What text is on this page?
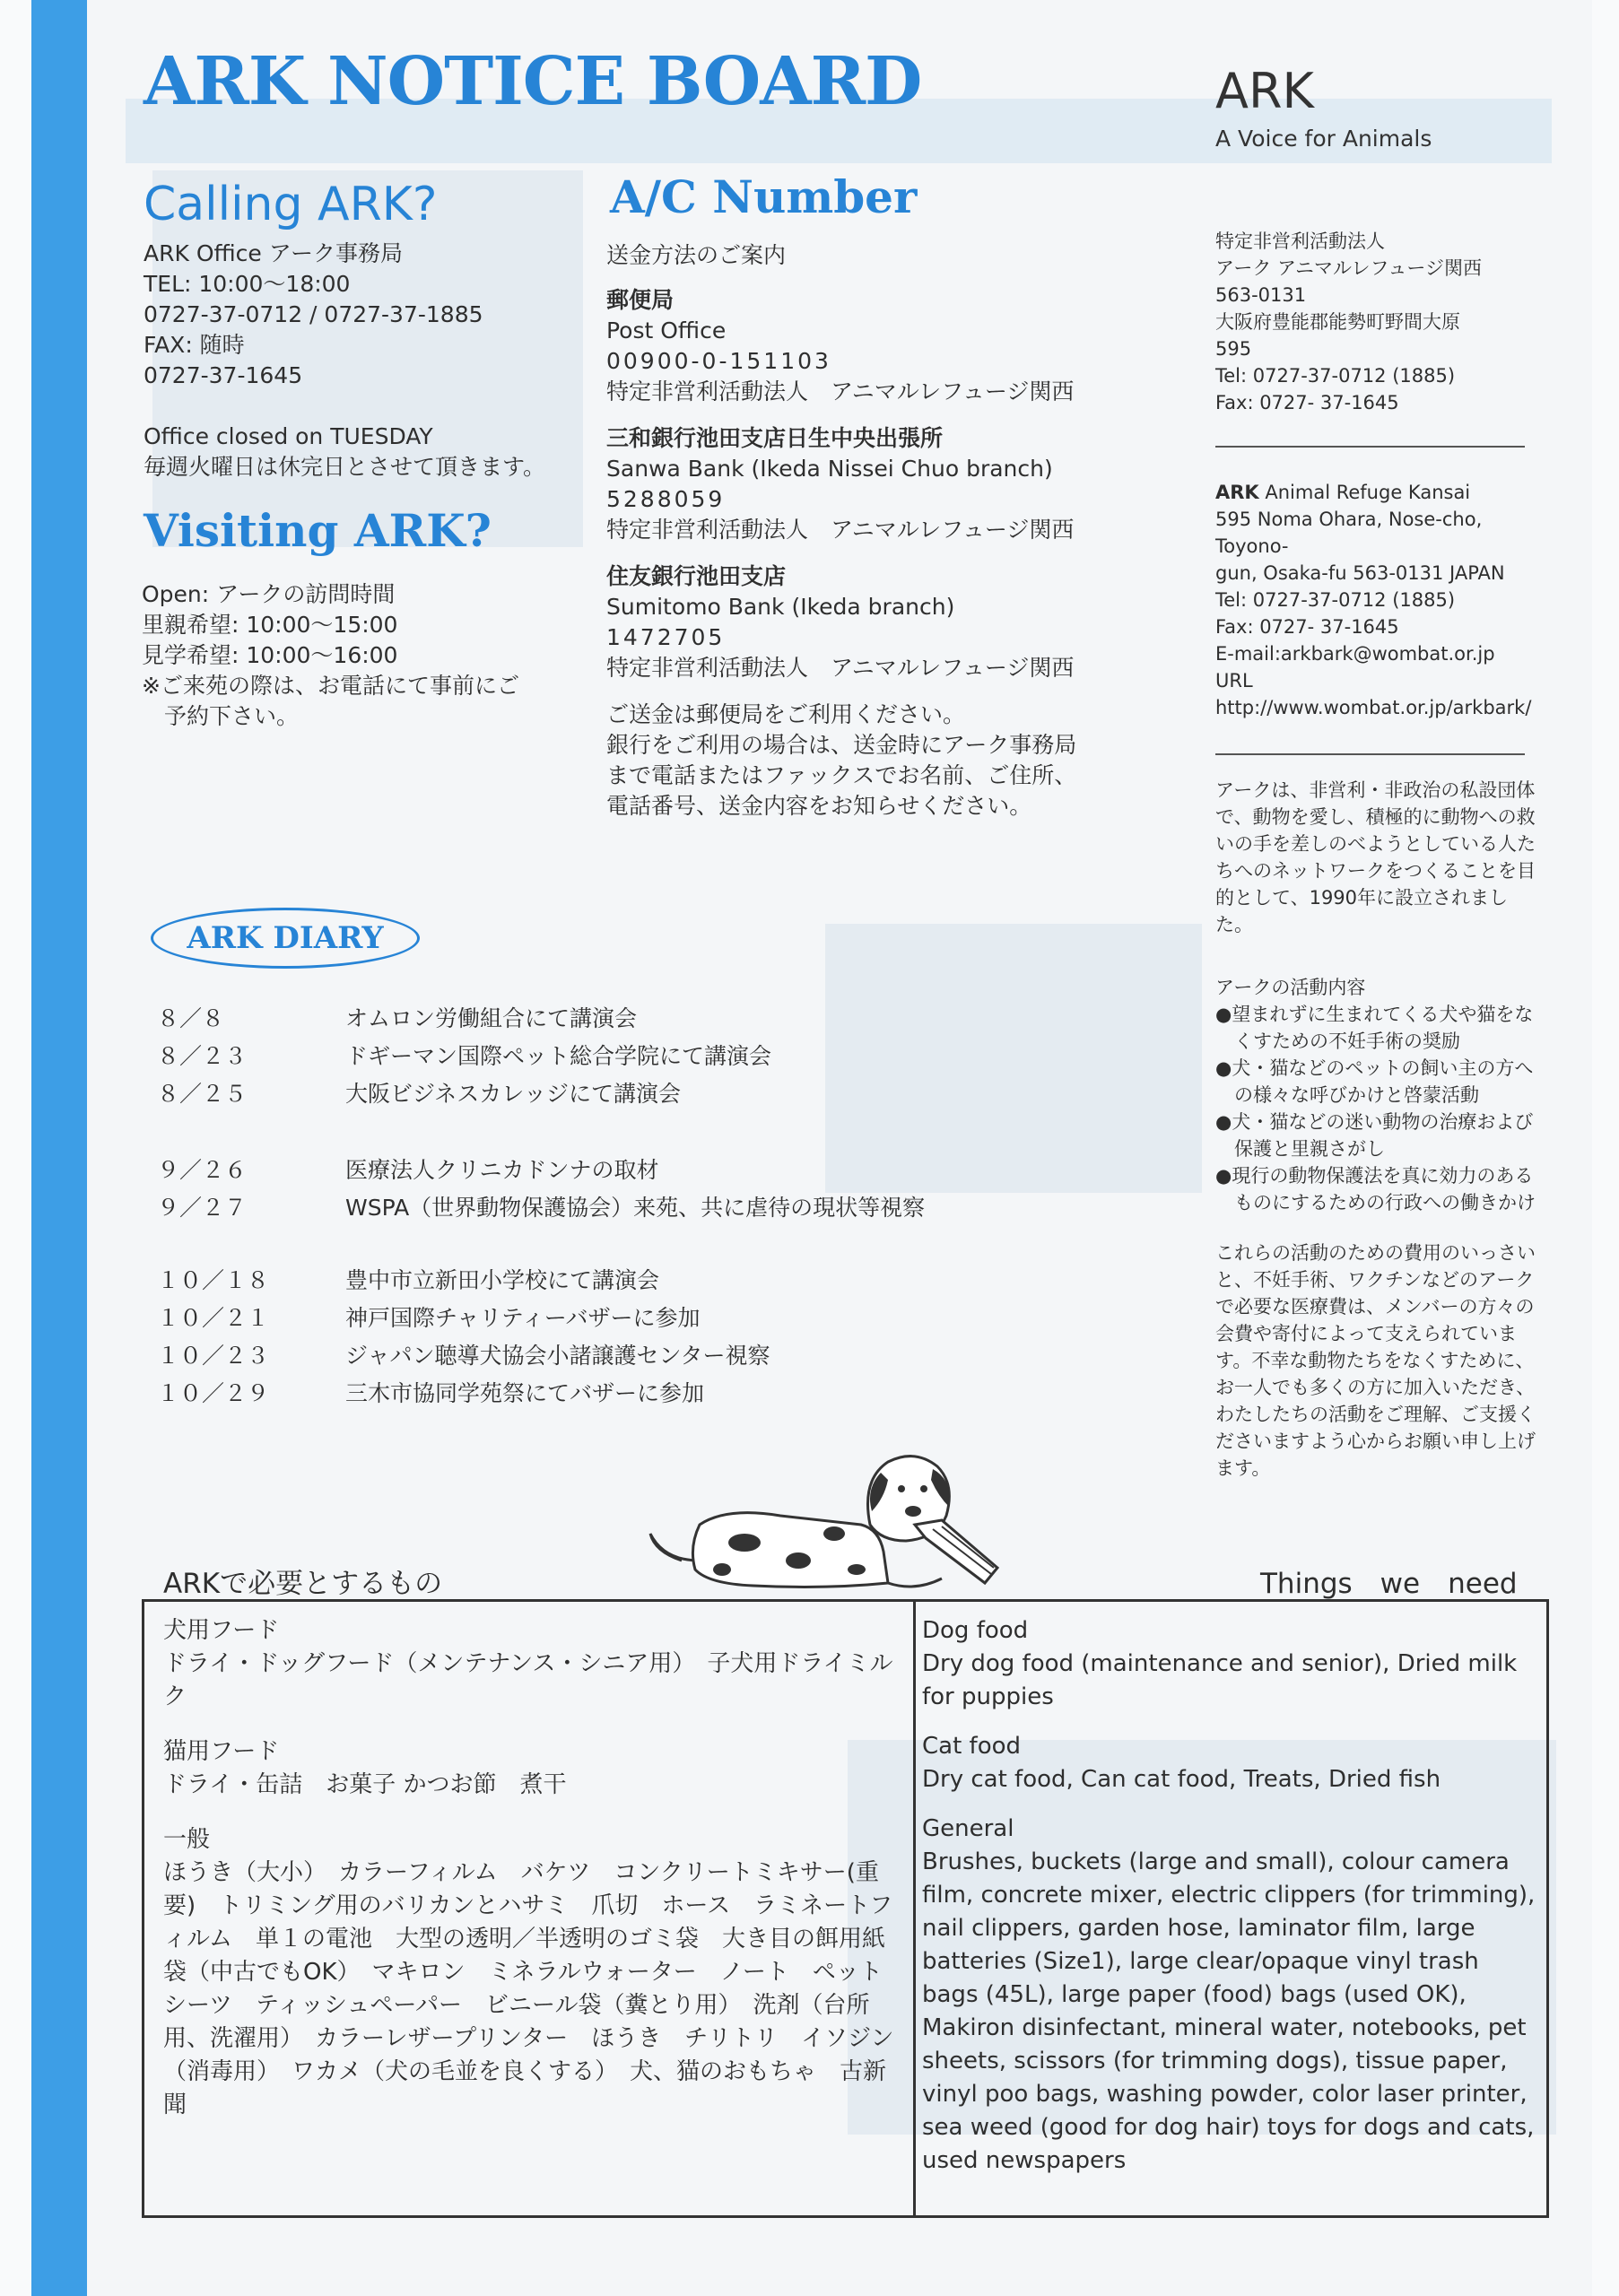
ARK NOTICE BOARD	ARK
A Voice for Animals
Calling ARK?
ARK Office アーク事務局
TEL: 10:00〜18:00
0727-37-0712 / 0727-37-1885
FAX: 随時
0727-37-1645
Office closed on TUESDAY
毎週火曜日は休完日とさせて頂きます。
Visiting ARK?
Open: アークの訪問時間
里親希望: 10:00〜15:00
見学希望: 10:00〜16:00
※ご来苑の際は、お電話にて事前にご
　予約下さい。
A/C Number
送金方法のご案内
郵便局
Post Office
00900-0-151103
特定非営利活動法人　アニマルレフュージ関西
三和銀行池田支店日生中央出張所
Sanwa Bank (Ikeda Nissei Chuo branch)
5288059
特定非営利活動法人　アニマルレフュージ関西
住友銀行池田支店
Sumitomo Bank (Ikeda branch)
1472705
特定非営利活動法人　アニマルレフュージ関西
ご送金は郵便局をご利用ください。
銀行をご利用の場合は、送金時にアーク事務局
まで電話またはファックスでお名前、ご住所、
電話番号、送金内容をお知らせください。
特定非営利活動法人
アーク アニマルレフュージ関西
563-0131
大阪府豊能郡能勢町野間大原
595
Tel: 0727-37-0712 (1885)
Fax: 0727- 37-1645
ARK Animal Refuge Kansai
595 Noma Ohara, Nose-cho, Toyono-
gun, Osaka-fu 563-0131 JAPAN
Tel: 0727-37-0712 (1885)
Fax: 0727- 37-1645
E-mail:arkbark@wombat.or.jp
URL
http://www.wombat.or.jp/arkbark/
アークは、非営利・非政治の私設団体
で、動物を愛し、積極的に動物への救
いの手を差しのべようとしている人た
ちへのネットワークをつくることを目
的として、1990年に設立されました。
アークの活動内容
●望まれずに生まれてくる犬や猫をな
　くすための不妊手術の奨励
●犬・猫などのペットの飼い主の方へ
　の様々な呼びかけと啓蒙活動
●犬・猫などの迷い動物の治療および
　保護と里親さがし
●現行の動物保護法を真に効力のある
　ものにするための行政への働きかけ
これらの活動のための費用のいっさい
と、不妊手術、ワクチンなどのアーク
で必要な医療費は、メンバーの方々の
会費や寄付によって支えられていま
す。不幸な動物たちをなくすために、
お一人でも多くの方に加入いただき、
わたしたちの活動をご理解、ご支援く
ださいますよう心からお願い申し上げ
ます。
ARK DIARY
８／８	オムロン労働組合にて講演会
８／２３	ドギーマン国際ペット総合学院にて講演会
８／２５	大阪ビジネスカレッジにて講演会
９／２６	医療法人クリニカドンナの取材
９／２７	WSPA（世界動物保護協会）来苑、共に虐待の現状等視察
１０／１８	豊中市立新田小学校にて講演会
１０／２１	神戸国際チャリティーバザーに参加
１０／２３	ジャパン聴導犬協会小諸譲護センター視察
１０／２９	三木市協同学苑祭にてバザーに参加
ARKで必要とするもの	Things　we　need

犬用フード

ドライ・ドッグフード（メンテナンス・シニア用）　子犬用ドライミルク

猫用フード

ドライ・缶詰　お菓子 かつお節　煮干

一般

ほうき（大小）　カラーフィルム　バケツ　コンクリートミキサー(重要)　トリミング用のバリカンとハサミ　爪切　ホース　ラミネートフィルム　単１の電池　大型の透明／半透明のゴミ袋　大き目の餌用紙袋（中古でもOK）　マキロン　ミネラルウォーター　ノート　ペットシーツ　ティッシュペーパー　ビニール袋（糞とり用）　洗剤（台所用、洗濯用）　カラーレザープリンター　ほうき　チリトリ　イソジン（消毒用）　ワカメ（犬の毛並を良くする）　犬、猫のおもちゃ　古新聞

Dog food

Dry dog food (maintenance and senior), Dried milk for puppies

Cat food

Dry cat food, Can cat food, Treats, Dried fish

General

Brushes, buckets (large and small), colour camera film, concrete mixer, electric clippers (for trimming), nail clippers, garden hose, laminator film, large batteries (Size1), large clear/opaque vinyl trash bags (45L), large paper (food) bags (used OK), Makiron disinfectant, mineral water, notebooks, pet sheets, scissors (for trimming dogs), tissue paper, vinyl poo bags, washing powder, color laser printer, sea weed (good for dog hair) toys for dogs and cats, used newspapers
